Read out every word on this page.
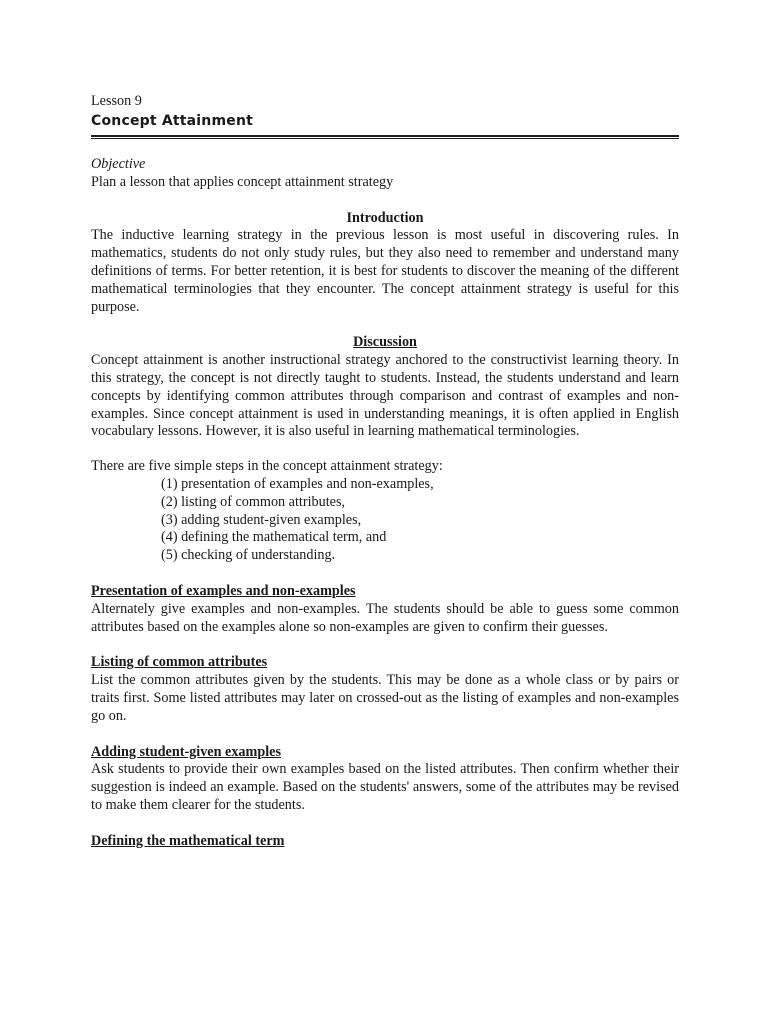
Lesson 9
Concept Attainment
Objective

Plan a lesson that applies concept attainment strategy

Introduction

The inductive learning strategy in the previous lesson is most useful in discovering rules. In mathematics, students do not only study rules, but they also need to remember and understand many definitions of terms. For better retention, it is best for students to discover the meaning of the different mathematical terminologies that they encounter. The concept attainment strategy is useful for this purpose.

Discussion

Concept attainment is another instructional strategy anchored to the constructivist learning theory. In this strategy, the concept is not directly taught to students. Instead, the students understand and learn concepts by identifying common attributes through comparison and contrast of examples and non-examples. Since concept attainment is used in understanding meanings, it is often applied in English vocabulary lessons. However, it is also useful in learning mathematical terminologies.

There are five simple steps in the concept attainment strategy:

(1) presentation of examples and non-examples,
(2) listing of common attributes,
(3) adding student-given examples,
(4) defining the mathematical term, and
(5) checking of understanding.
Presentation of examples and non-examples

Alternately give examples and non-examples. The students should be able to guess some common attributes based on the examples alone so non-examples are given to confirm their guesses.

Listing of common attributes

List the common attributes given by the students. This may be done as a whole class or by pairs or traits first. Some listed attributes may later on crossed-out as the listing of examples and non-examples go on.

Adding student-given examples

Ask students to provide their own examples based on the listed attributes. Then confirm whether their suggestion is indeed an example. Based on the students' answers, some of the attributes may be revised to make them clearer for the students.

Defining the mathematical term
